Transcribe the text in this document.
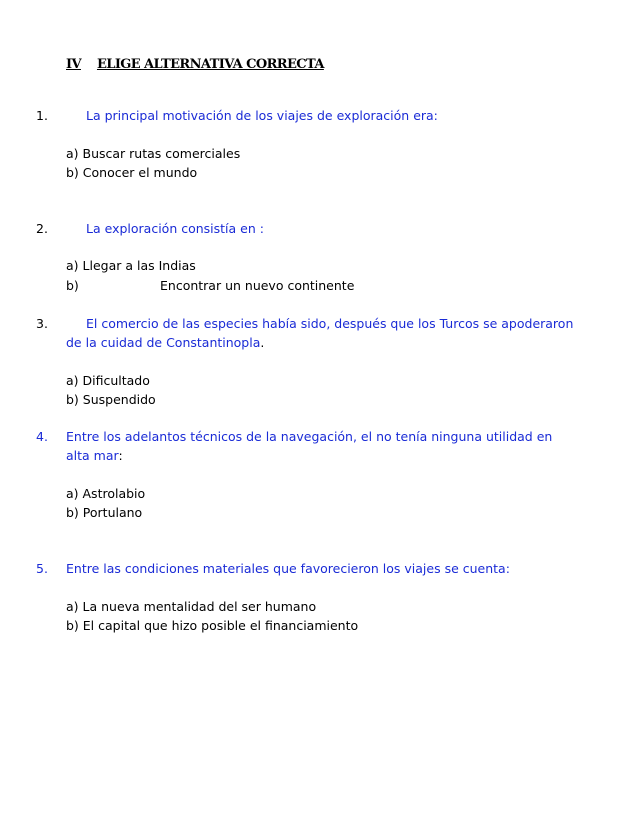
IV ELIGE ALTERNATIVA CORRECTA
1.	La principal motivación de los viajes de exploración era:
a) Buscar rutas comerciales
b) Conocer el mundo
2.	La exploración consistía en :
a) Llegar a las Indias
b)	Encontrar un nuevo continente
3.	El comercio de las especies había sido, después que los Turcos se apoderaron
de la cuidad de Constantinopla.
a) Dificultado
b) Suspendido
4. Entre los adelantos técnicos de la navegación, el no tenía ninguna utilidad en
alta mar:
a) Astrolabio
b) Portulano
5. Entre las condiciones materiales que favorecieron los viajes se cuenta:
a) La nueva mentalidad del ser humano
b) El capital que hizo posible el financiamiento
